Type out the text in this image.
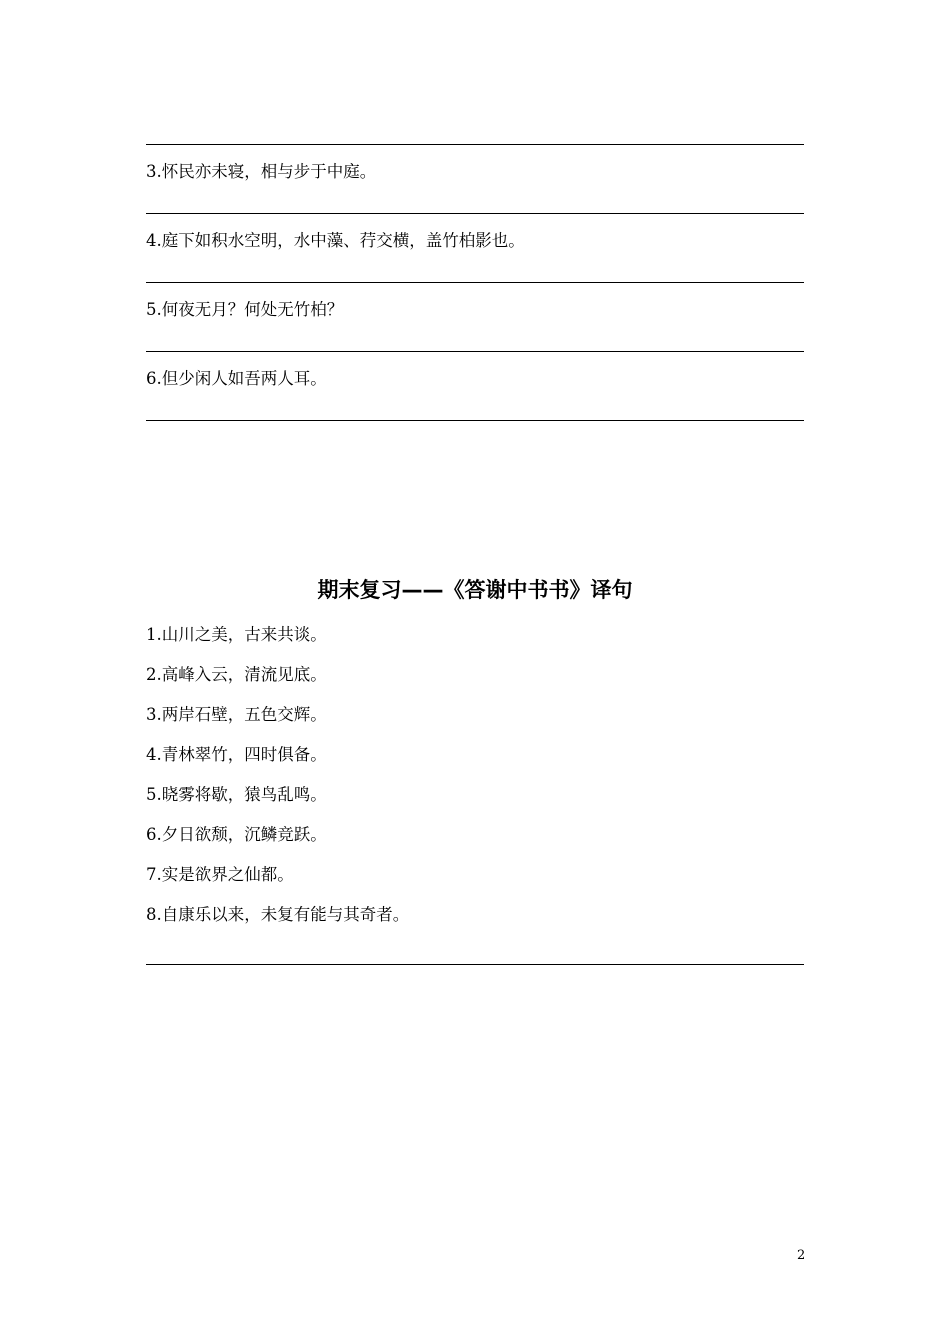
3.怀民亦未寝，相与步于中庭。
4.庭下如积水空明，水中藻、荇交横，盖竹柏影也。
5.何夜无月？何处无竹柏？
6.但少闲人如吾两人耳。
期末复习——《答谢中书书》译句
1.山川之美，古来共谈。
2.高峰入云，清流见底。
3.两岸石壁，五色交辉。
4.青林翠竹，四时俱备。
5.晓雾将歇，猿鸟乱鸣。
6.夕日欲颓，沉鳞竞跃。
7.实是欲界之仙都。
8.自康乐以来，未复有能与其奇者。
2
